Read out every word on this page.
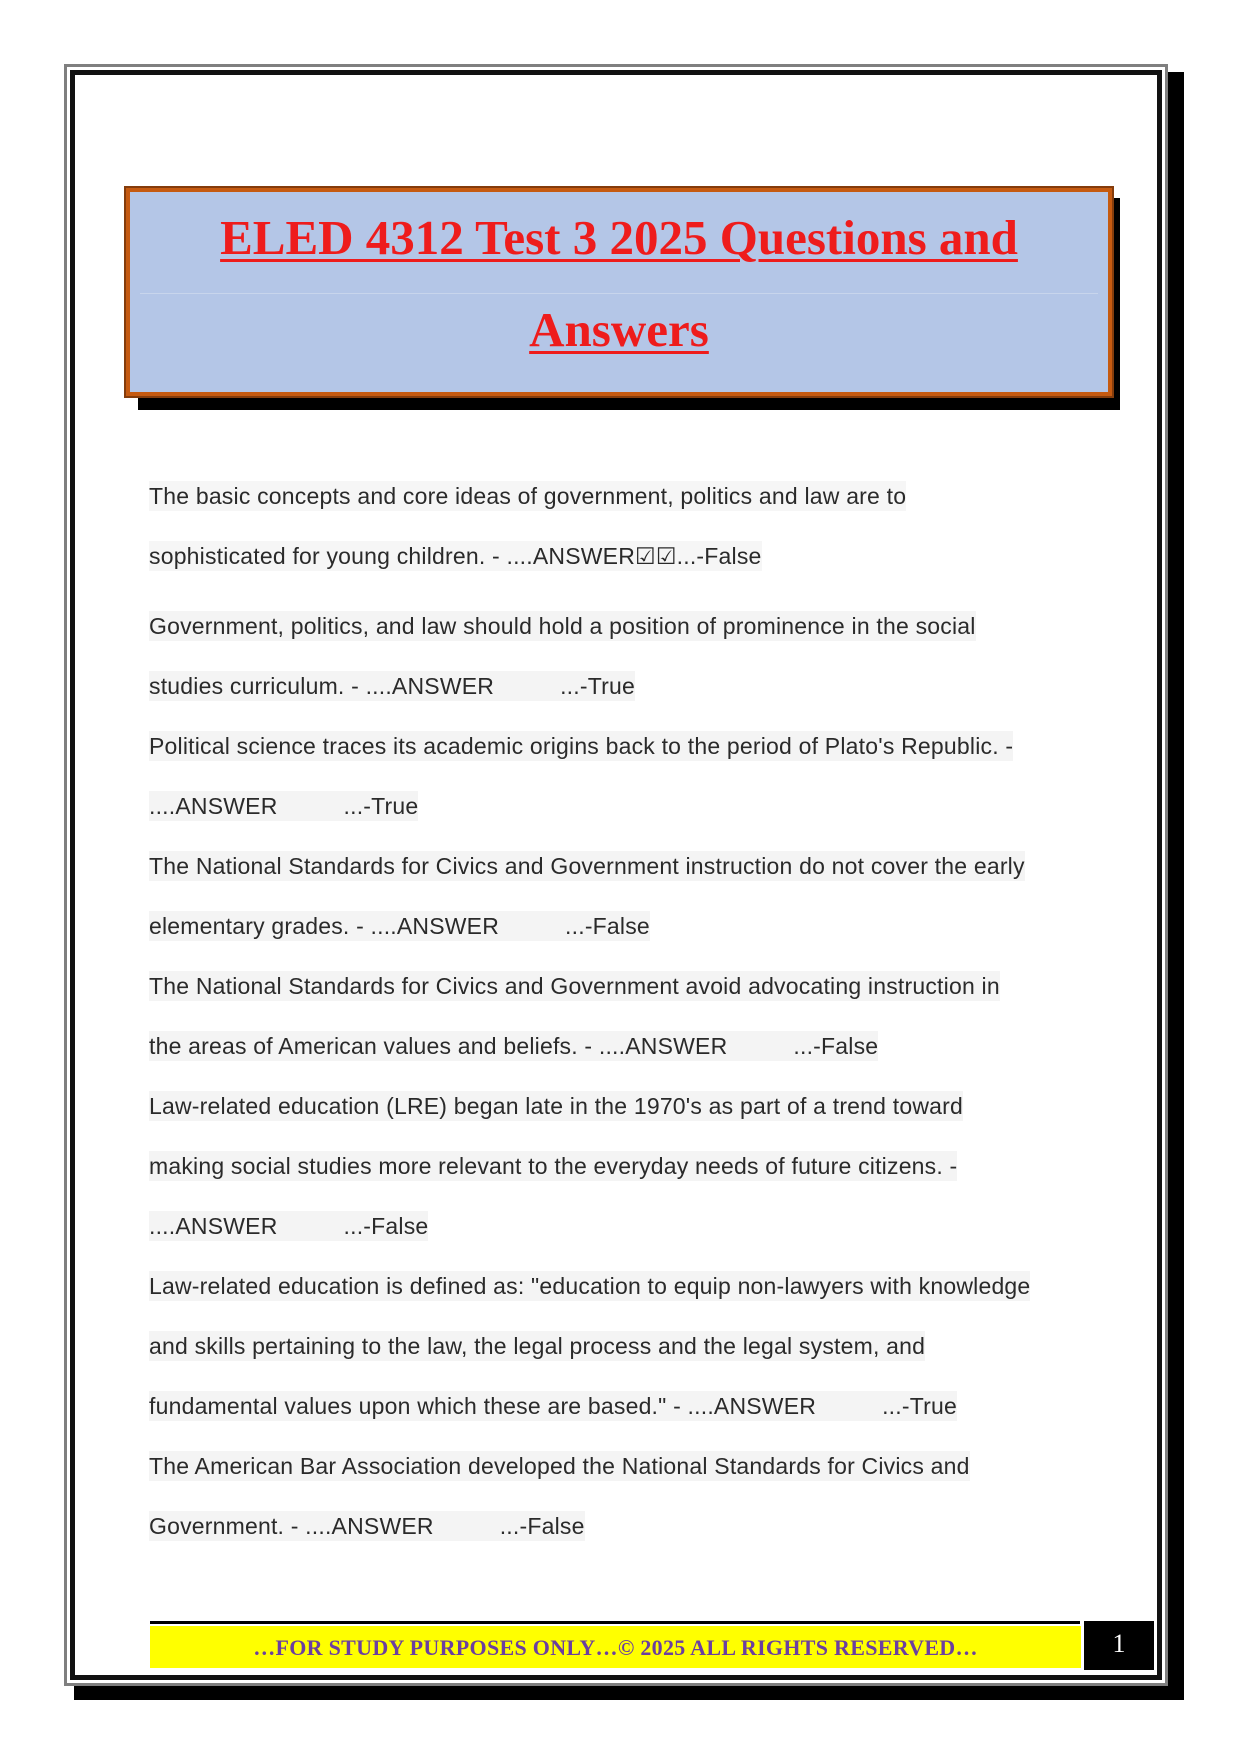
ELED 4312 Test 3 2025 Questions and
Answers
The basic concepts and core ideas of government, politics and law are to
sophisticated for young children. - ....ANSWER☑☑...-False
Government, politics, and law should hold a position of prominence in the social
studies curriculum. - ....ANSWER	...-True
Political science traces its academic origins back to the period of Plato's Republic. -
....ANSWER	...-True
The National Standards for Civics and Government instruction do not cover the early
elementary grades. - ....ANSWER	...-False
The National Standards for Civics and Government avoid advocating instruction in
the areas of American values and beliefs. - ....ANSWER	...-False
Law-related education (LRE) began late in the 1970's as part of a trend toward
making social studies more relevant to the everyday needs of future citizens. -
....ANSWER	...-False
Law-related education is defined as: "education to equip non-lawyers with knowledge
and skills pertaining to the law, the legal process and the legal system, and
fundamental values upon which these are based." - ....ANSWER	...-True
The American Bar Association developed the National Standards for Civics and
Government. - ....ANSWER	...-False
…FOR STUDY PURPOSES ONLY…© 2025 ALL RIGHTS RESERVED…	1
